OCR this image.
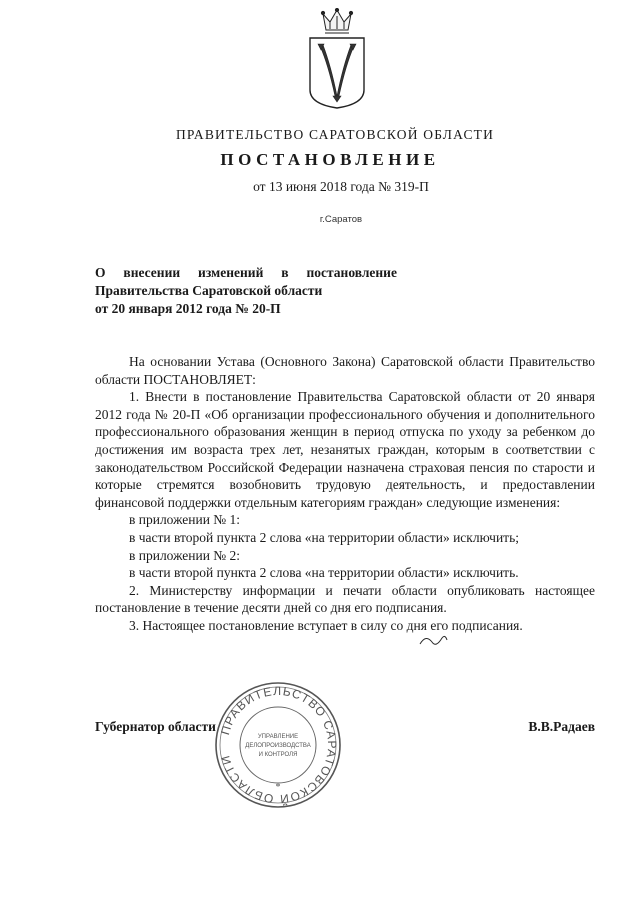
ПРАВИТЕЛЬСТВО САРАТОВСКОЙ ОБЛАСТИ
ПОСТАНОВЛЕНИЕ
от 13 июня 2018 года № 319-П
г.Саратов
О внесении изменений в постановление
Правительства Саратовской области
от 20 января 2012 года № 20-П

На основании Устава (Основного Закона) Саратовской области Правительство области ПОСТАНОВЛЯЕТ:

1. Внести в постановление Правительства Саратовской области от 20 января 2012 года № 20-П «Об организации профессионального обучения и дополнительного профессионального образования женщин в период отпуска по уходу за ребенком до достижения им возраста трех лет, незанятых граждан, которым в соответствии с законодательством Российской Федерации назначена страховая пенсия по старости и которые стремятся возобновить трудовую деятельность, и предоставлении финансовой поддержки отдельным категориям граждан» следующие изменения:

в приложении № 1:

в части второй пункта 2 слова «на территории области» исключить;

в приложении № 2:

в части второй пункта 2 слова «на территории области» исключить.

2. Министерству информации и печати области опубликовать настоящее постановление в течение десяти дней со дня его подписания.

3. Настоящее постановление вступает в силу со дня его подписания.

Губернатор области	В.В.Радаев
ПРАВИТЕЛЬСТВО САРАТОВСКОЙ ОБЛАСТИ
УПРАВЛЕНИЕ
ДЕЛОПРОИЗВОДСТВА
И КОНТРОЛЯ
*
